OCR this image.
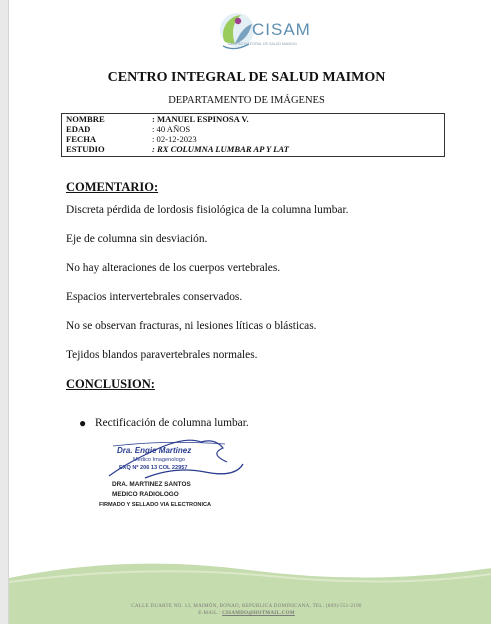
CISAM
CENTRO INTEGRAL DE SALUD MAIMON
CENTRO INTEGRAL DE SALUD MAIMON
DEPARTAMENTO DE IMÁGENES
NOMBRE	: MANUEL ESPINOSA V.
EDAD	: 40 AÑOS
FECHA	: 02-12-2023
ESTUDIO	: RX COLUMNA LUMBAR AP Y LAT
COMENTARIO:
Discreta pérdida de lordosis fisiológica de la columna lumbar.
Eje de columna sin desviación.
No hay alteraciones de los cuerpos vertebrales.
Espacios intervertebrales conservados.
No se observan fracturas, ni lesiones líticas o blásticas.
Tejidos blandos paravertebrales normales.
CONCLUSION:
● Rectificación de columna lumbar.
Dra. Engie Martinez
Medico Imagenologo
EXQ Nº 206 13 COL 22957
DRA. MARTINEZ SANTOS
MEDICO RADIOLOGO
FIRMADO Y SELLADO VIA ELECTRONICA
CALLE DUARTE NO. 13, MAIMÓN, BONAO, REPUBLICA DOMINICANA, TEL: (809)-551-2190
E-MAIL : CISAMDO@HOTMAIL.COM
